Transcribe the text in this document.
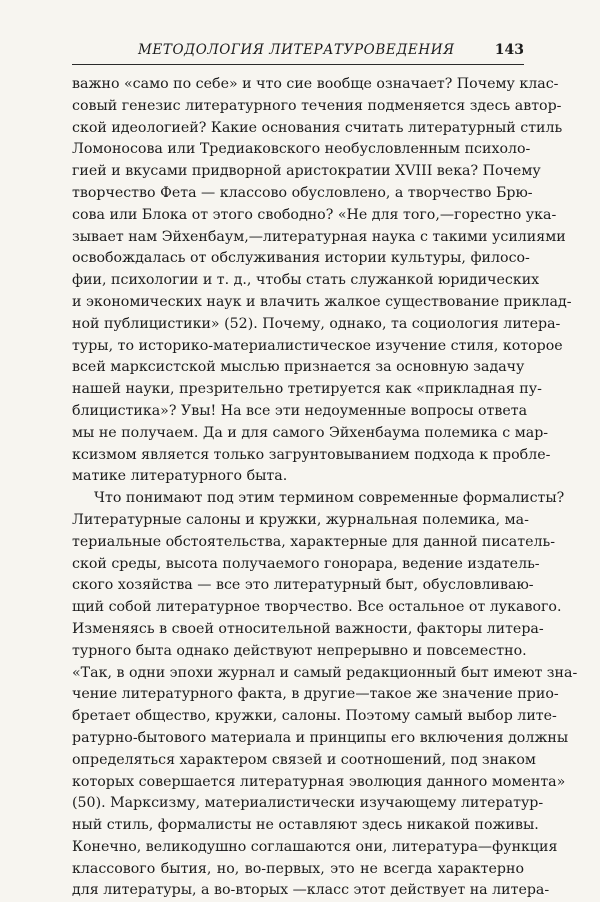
МЕТОДОЛОГИЯ ЛИТЕРАТУРОВЕДЕНИЯ	143
важно «само по себе» и что сие вообще означает? Почему клас-
совый генезис литературного течения подменяется здесь автор-
ской идеологией? Какие основания считать литературный стиль
Ломоносова или Тредиаковского необусловленным психоло-
гией и вкусами придворной аристократии XVIII века? Почему
творчество Фета — классово обусловлено, а творчество Брю-
сова или Блока от этого свободно? «Не для того,—горестно ука-
зывает нам Эйхенбаум,—литературная наука с такими усилиями
освобождалась от обслуживания истории культуры, филосо-
фии, психологии и т. д., чтобы стать служанкой юридических
и экономических наук и влачить жалкое существование приклад-
ной публицистики» (52). Почему, однако, та социология литера-
туры, то историко-материалистическое изучение стиля, которое
всей марксистской мыслью признается за основную задачу
нашей науки, презрительно третируется как «прикладная пу-
блицистика»? Увы! На все эти недоуменные вопросы ответа
мы не получаем. Да и для самого Эйхенбаума полемика с мар-
ксизмом является только загрунтовыванием подхода к пробле-
матике литературного быта.
Что понимают под этим термином современные формалисты?
Литературные салоны и кружки, журнальная полемика, ма-
териальные обстоятельства, характерные для данной писатель-
ской среды, высота получаемого гонорара, ведение издатель-
ского хозяйства — все это литературный быт, обусловливаю-
щий собой литературное творчество. Все остальное от лукавого.
Изменяясь в своей относительной важности, факторы литера-
турного быта однако действуют непрерывно и повсеместно.
«Так, в одни эпохи журнал и самый редакционный быт имеют зна-
чение литературного факта, в другие—такое же значение прио-
бретает общество, кружки, салоны. Поэтому самый выбор лите-
ратурно-бытового материала и принципы его включения должны
определяться характером связей и соотношений, под знаком
которых совершается литературная эволюция данного момента»
(50). Марксизму, материалистически изучающему литератур-
ный стиль, формалисты не оставляют здесь никакой поживы.
Конечно, великодушно соглашаются они, литература—функция
классового бытия, но, во-первых, это не всегда характерно
для литературы, а во-вторых —класс этот действует на литера-
